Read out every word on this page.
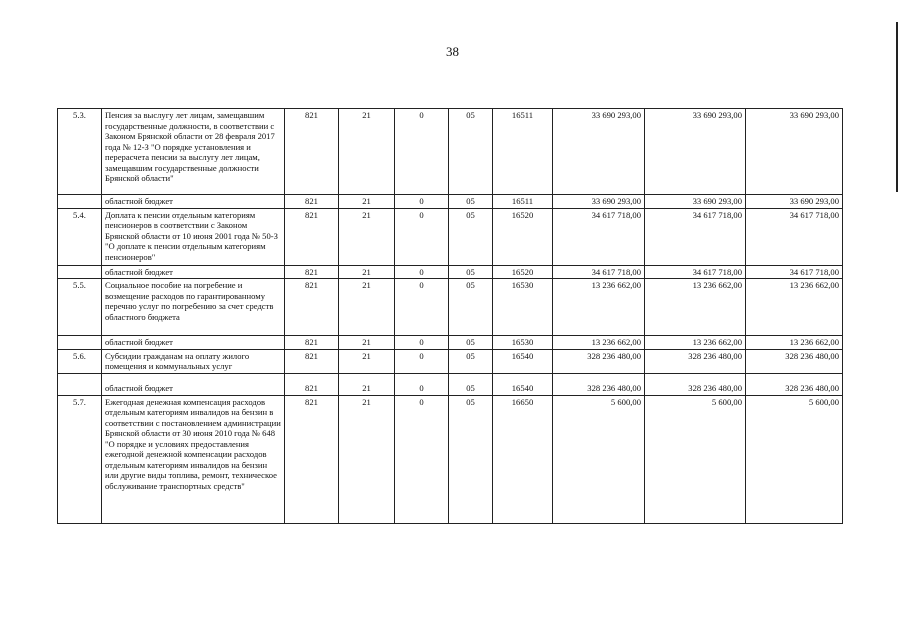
38
5.3.	Пенсия за выслугу лет лицам, замещавшим государственные должности, в соответствии с Законом Брянской области от 28 февраля 2017 года № 12-З "О порядке установления и перерасчета пенсии за выслугу лет лицам, замещавшим государственные должности Брянской области"	821	21	0	05	16511	33 690 293,00	33 690 293,00	33 690 293,00
	областной бюджет	821	21	0	05	16511	33 690 293,00	33 690 293,00	33 690 293,00
5.4.	Доплата к пенсии отдельным категориям пенсионеров в соответствии с Законом Брянской области от 10 июня 2001 года № 50-З "О доплате к пенсии отдельным категориям пенсионеров"	821	21	0	05	16520	34 617 718,00	34 617 718,00	34 617 718,00
	областной бюджет	821	21	0	05	16520	34 617 718,00	34 617 718,00	34 617 718,00
5.5.	Социальное пособие на погребение и возмещение расходов по гарантированному перечню услуг по погребению за счет средств областного бюджета	821	21	0	05	16530	13 236 662,00	13 236 662,00	13 236 662,00
	областной бюджет	821	21	0	05	16530	13 236 662,00	13 236 662,00	13 236 662,00
5.6.	Субсидии гражданам на оплату жилого помещения и коммунальных услуг	821	21	0	05	16540	328 236 480,00	328 236 480,00	328 236 480,00
	областной бюджет	821	21	0	05	16540	328 236 480,00	328 236 480,00	328 236 480,00
5.7.	Ежегодная денежная компенсация расходов отдельным категориям инвалидов на бензин в соответствии с постановлением администрации Брянской области от 30 июня 2010 года № 648 "О порядке и условиях предоставления ежегодной денежной компенсации расходов отдельным категориям инвалидов на бензин или другие виды топлива, ремонт, техническое обслуживание транспортных средств"	821	21	0	05	16650	5 600,00	5 600,00	5 600,00
